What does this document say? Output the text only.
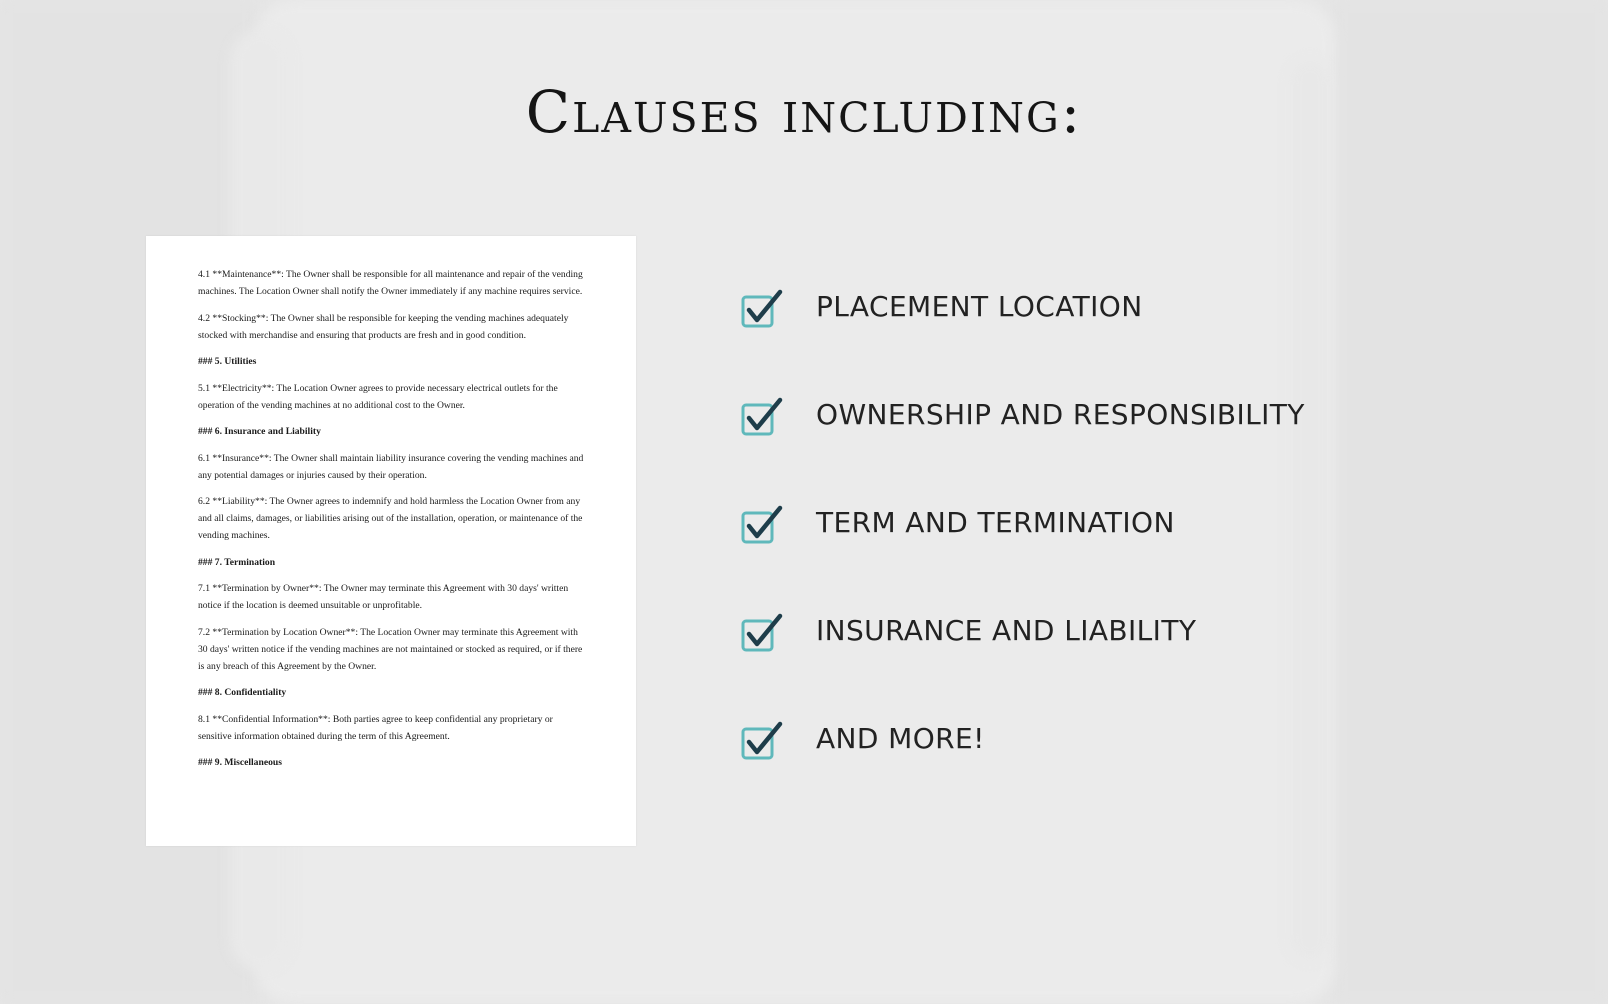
Clauses including:

4.1 **Maintenance**: The Owner shall be responsible for all maintenance and repair of the vending machines. The Location Owner shall notify the Owner immediately if any machine requires service.

4.2 **Stocking**: The Owner shall be responsible for keeping the vending machines adequately stocked with merchandise and ensuring that products are fresh and in good condition.

### 5. Utilities

5.1 **Electricity**: The Location Owner agrees to provide necessary electrical outlets for the operation of the vending machines at no additional cost to the Owner.

### 6. Insurance and Liability

6.1 **Insurance**: The Owner shall maintain liability insurance covering the vending machines and any potential damages or injuries caused by their operation.

6.2 **Liability**: The Owner agrees to indemnify and hold harmless the Location Owner from any and all claims, damages, or liabilities arising out of the installation, operation, or maintenance of the vending machines.

### 7. Termination

7.1 **Termination by Owner**: The Owner may terminate this Agreement with 30 days' written notice if the location is deemed unsuitable or unprofitable.

7.2 **Termination by Location Owner**: The Location Owner may terminate this Agreement with 30 days' written notice if the vending machines are not maintained or stocked as required, or if there is any breach of this Agreement by the Owner.

### 8. Confidentiality

8.1 **Confidential Information**: Both parties agree to keep confidential any proprietary or sensitive information obtained during the term of this Agreement.

### 9. Miscellaneous

PLACEMENT LOCATION
OWNERSHIP AND RESPONSIBILITY
TERM AND TERMINATION
INSURANCE AND LIABILITY
AND MORE!
